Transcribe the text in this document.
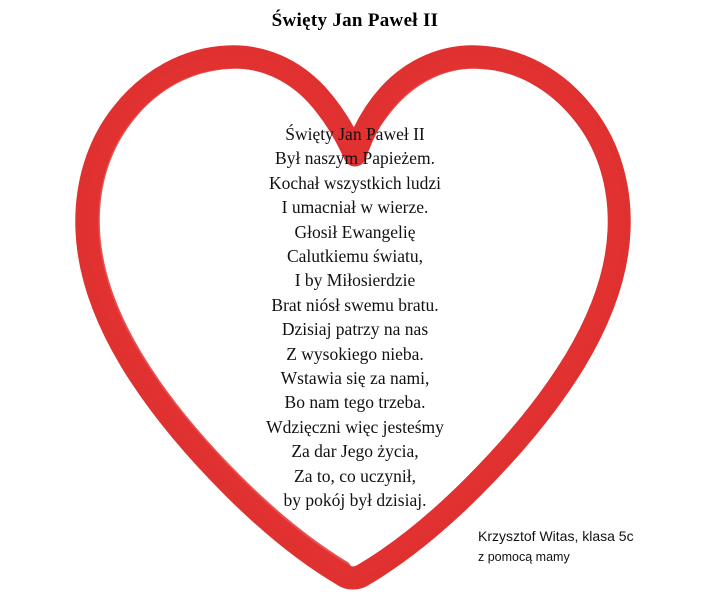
Święty Jan Paweł II
Święty Jan Paweł II
Był naszym Papieżem.
Kochał wszystkich ludzi
I umacniał w wierze.
Głosił Ewangelię
Calutkiemu światu,
I by Miłosierdzie
Brat niósł swemu bratu.
Dzisiaj patrzy na nas
Z wysokiego nieba.
Wstawia się za nami,
Bo nam tego trzeba.
Wdzięczni więc jesteśmy
Za dar Jego życia,
Za to, co uczynił,
by pokój był dzisiaj.
Krzysztof Witas, klasa 5c
z pomocą mamy
